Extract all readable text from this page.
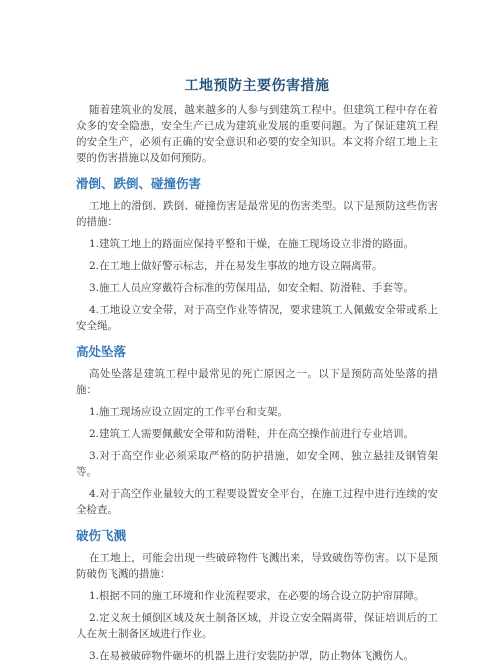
工地预防主要伤害措施

随着建筑业的发展，越来越多的人参与到建筑工程中。但建筑工程中存在着众多的安全隐患，安全生产已成为建筑业发展的重要问题。为了保证建筑工程的安全生产，必须有正确的安全意识和必要的安全知识。本文将介绍工地上主要的伤害措施以及如何预防。

滑倒、跌倒、碰撞伤害

工地上的滑倒、跌倒、碰撞伤害是最常见的伤害类型。以下是预防这些伤害的措施：

1.建筑工地上的路面应保持平整和干燥，在施工现场设立非滑的路面。

2.在工地上做好警示标志，并在易发生事故的地方设立隔离带。

3.施工人员应穿戴符合标准的劳保用品，如安全帽、防滑鞋、手套等。

4.工地设立安全带，对于高空作业等情况，要求建筑工人佩戴安全带或系上安全绳。

高处坠落

高处坠落是建筑工程中最常见的死亡原因之一。以下是预防高处坠落的措施：

1.施工现场应设立固定的工作平台和支架。

2.建筑工人需要佩戴安全带和防滑鞋，并在高空操作前进行专业培训。

3.对于高空作业必须采取严格的防护措施，如安全网、独立悬挂及钢管架等。

4.对于高空作业量较大的工程要设置安全平台，在施工过程中进行连续的安全检查。

破伤飞溅

在工地上，可能会出现一些破碎物件飞溅出来，导致破伤等伤害。以下是预防破伤飞溅的措施：

1.根据不同的施工环境和作业流程要求，在必要的场合设立防护帘屏障。

2.定义灰土倾倒区域及灰土制备区域，并设立安全隔离带，保证培训后的工人在灰土制备区域进行作业。

3.在易被破碎物件砸坏的机器上进行安装防护罩，防止物体飞溅伤人。
